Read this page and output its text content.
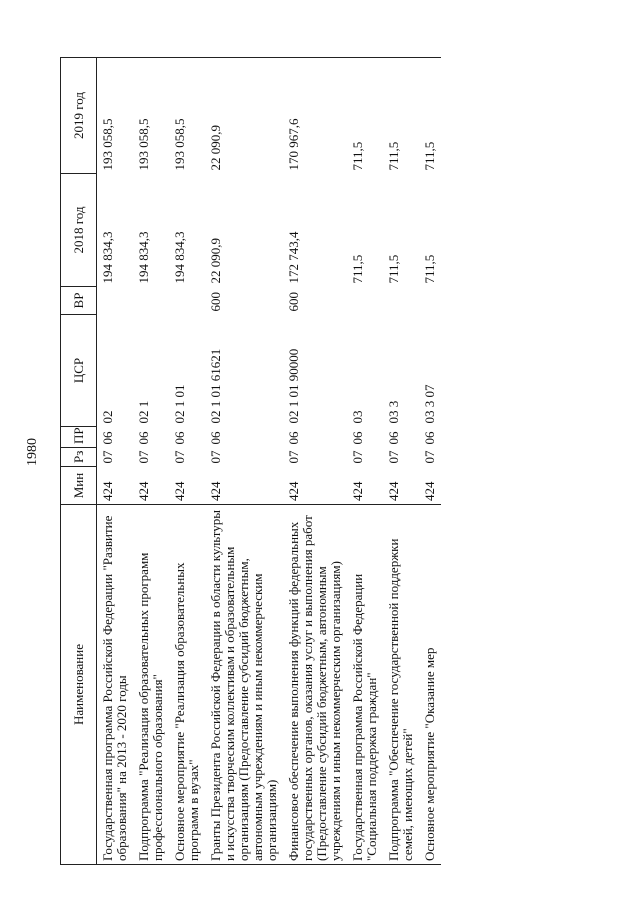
1980
Наименование	Мин	Рз	ПР	ЦСР	ВР	2018 год	2019 год
Государственная программа Российской Федерации "Развитие образования" на 2013 - 2020 годы	424	07	06	02		194 834,3	193 058,5
Подпрограмма "Реализация образовательных программ профессионального образования"	424	07	06	02 1		194 834,3	193 058,5
Основное мероприятие "Реализация образовательных программ в вузах"	424	07	06	02 1 01		194 834,3	193 058,5
Гранты Президента Российской Федерации в области культуры и искусства творческим коллективам и образовательным организациям (Предоставление субсидий бюджетным, автономным учреждениям и иным некоммерческим организациям)	424	07	06	02 1 01 61621	600	22 090,9	22 090,9
Финансовое обеспечение выполнения функций федеральных государственных органов, оказания услуг и выполнения работ (Предоставление субсидий бюджетным, автономным учреждениям и иным некоммерческим организациям)	424	07	06	02 1 01 90000	600	172 743,4	170 967,6
Государственная программа Российской Федерации "Социальная поддержка граждан"	424	07	06	03		711,5	711,5
Подпрограмма "Обеспечение государственной поддержки семей, имеющих детей"	424	07	06	03 3		711,5	711,5
Основное мероприятие "Оказание мер	424	07	06	03 3 07		711,5	711,5
